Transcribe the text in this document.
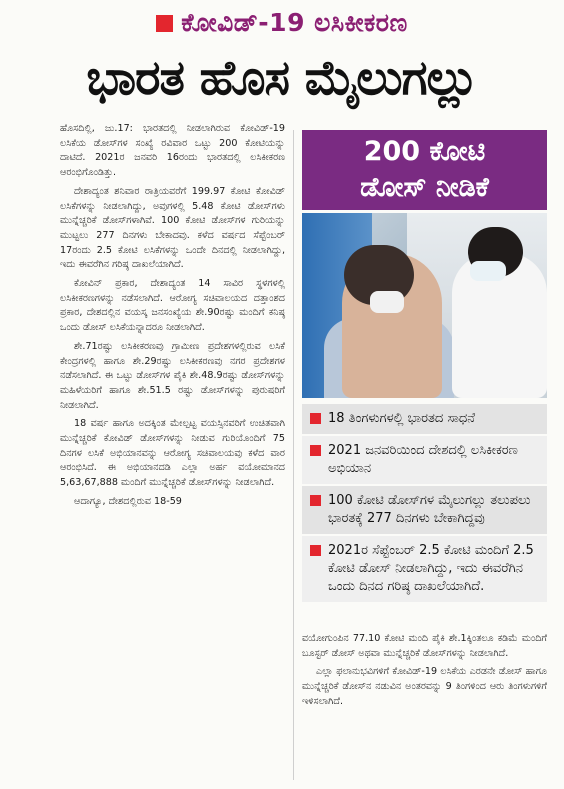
ಕೋವಿಡ್-19 ಲಸಿಕೀಕರಣ
ಭಾರತ ಹೊಸ ಮೈಲುಗಲ್ಲು

ಹೊಸದಿಲ್ಲಿ, ಜು.17: ಭಾರತದಲ್ಲಿ ನೀಡಲಾಗಿರುವ ಕೋವಿಡ್-19 ಲಸಿಕೆಯ ಡೋಸ್‌ಗಳ ಸಂಖ್ಯೆ ರವಿವಾರ ಒಟ್ಟು 200 ಕೋಟಿಯನ್ನು ದಾಟಿದೆ. 2021ರ ಜನವರಿ 16ರಂದು ಭಾರತದಲ್ಲಿ ಲಸಿಕೀಕರಣ ಆರಂಭಿಗೊಂಡಿತ್ತು.

ದೇಶಾದ್ಯಂತ ಶನಿವಾರ ರಾತ್ರಿಯವರೆಗೆ 199.97 ಕೋಟಿ ಕೋವಿಡ್ ಲಸಿಕೆಗಳನ್ನು ನೀಡಲಾಗಿದ್ದು, ಅವುಗಳಲ್ಲಿ 5.48 ಕೋಟಿ ಡೋಸ್‌ಗಳು ಮುನ್ನೆಚ್ಚರಿಕೆ ಡೋಸ್‌ಗಳಾಗಿವೆ. 100 ಕೋಟಿ ಡೋಸ್‌ಗಳ ಗುರಿಯನ್ನು ಮುಟ್ಟಲು 277 ದಿನಗಳು ಬೇಕಾದವು. ಕಳೆದ ವರ್ಷದ ಸೆಪ್ಟೆಂಬರ್ 17ರಂದು 2.5 ಕೋಟಿ ಲಸಿಕೆಗಳನ್ನು ಒಂದೇ ದಿನದಲ್ಲಿ ನೀಡಲಾಗಿದ್ದು, ಇದು ಈವರೆಗಿನ ಗರಿಷ್ಠ ದಾಖಲೆಯಾಗಿದೆ.

ಕೋವಿನ್ ಪ್ರಕಾರ, ದೇಶಾದ್ಯಂತ 14 ಸಾವಿರ ಸ್ಥಳಗಳಲ್ಲಿ ಲಸಿಕೀಕರಣಗಳನ್ನು ನಡೆಸಲಾಗಿದೆ. ಆರೋಗ್ಯ ಸಚಿವಾಲಯದ ದತ್ತಾಂಶದ ಪ್ರಕಾರ, ದೇಶದಲ್ಲಿನ ವಯಸ್ಕ ಜನಸಂಖ್ಯೆಯ ಶೇ.90ರಷ್ಟು ಮಂದಿಗೆ ಕನಿಷ್ಠ ಒಂದು ಡೋಸ್ ಲಸಿಕೆಯನ್ನಾದರೂ ನೀಡಲಾಗಿದೆ.

ಶೇ.71ರಷ್ಟು ಲಸಿಕೀಕರಣವು ಗ್ರಾಮೀಣ ಪ್ರದೇಶಗಳಲ್ಲಿರುವ ಲಸಿಕೆ ಕೇಂದ್ರಗಳಲ್ಲಿ ಹಾಗೂ ಶೇ.29ರಷ್ಟು ಲಸಿಕೀಕರಣವು ನಗರ ಪ್ರದೇಶಗಳ ನಡೆಸಲಾಗಿದೆ. ಈ ಒಟ್ಟು ಡೋಸ್‌ಗಳ ಪೈಕಿ ಶೇ.48.9ರಷ್ಟು ಡೋಸ್‌ಗಳನ್ನು ಮಹಿಳೆಯರಿಗೆ ಹಾಗೂ ಶೇ.51.5 ರಷ್ಟು ಡೋಸ್‌ಗಳನ್ನು ಪುರುಷರಿಗೆ ನೀಡಲಾಗಿದೆ.

18 ವರ್ಷ ಹಾಗೂ ಅದಕ್ಕಿಂತ ಮೇಲ್ಪಟ್ಟ ವಯಸ್ಸಿನವರಿಗೆ ಉಚಿತವಾಗಿ ಮುನ್ನೆಚ್ಚರಿಕೆ ಕೋವಿಡ್ ಡೋಸ್‌ಗಳನ್ನು ನೀಡುವ ಗುರಿಯೊಂದಿಗೆ 75 ದಿನಗಳ ಲಸಿಕೆ ಅಭಿಯಾನವನ್ನು ಆರೋಗ್ಯ ಸಚಿವಾಲಯವು ಕಳೆದ ವಾರ ಆರಂಭಿಸಿದೆ. ಈ ಅಭಿಯಾನದಡಿ ಎಲ್ಲಾ ಅರ್ಹ ವಯೋಮಾನದ 5,63,67,888 ಮಂದಿಗೆ ಮುನ್ನೆಚ್ಚರಿಕೆ ಡೋಸ್‌ಗಳನ್ನು ನೀಡಲಾಗಿದೆ.

ಆದಾಗ್ಯೂ, ದೇಶದಲ್ಲಿರುವ 18-59

200 ಕೋಟಿ
ಡೋಸ್ ನೀಡಿಕೆ
18 ತಿಂಗಳುಗಳಲ್ಲಿ ಭಾರತದ ಸಾಧನೆ
2021 ಜನವರಿಯಿಂದ ದೇಶದಲ್ಲಿ ಲಸಿಕೀಕರಣ ಅಭಿಯಾನ
100 ಕೋಟಿ ಡೋಸ್‌ಗಳ ಮೈಲುಗಲ್ಲು ತಲುಪಲು ಭಾರತಕ್ಕೆ 277 ದಿನಗಳು ಬೇಕಾಗಿದ್ದವು
2021ರ ಸೆಪ್ಟೆಂಬರ್ 2.5 ಕೋಟಿ ಮಂದಿಗೆ 2.5 ಕೋಟಿ ಡೋಸ್ ನೀಡಲಾಗಿದ್ದು, ಇದು ಈವರೆಗಿನ ಒಂದು ದಿನದ ಗರಿಷ್ಠ ದಾಖಲೆಯಾಗಿದೆ.

ವಯೋಗುಂಪಿನ 77.10 ಕೋಟಿ ಮಂದಿ ಪೈಕಿ ಶೇ.1ಕ್ಕಿಂತಲೂ ಕಡಿಮೆ ಮಂದಿಗೆ ಬೂಸ್ಟರ್ ಡೋಸ್ ಅಥವಾ ಮುನ್ನೆಚ್ಚರಿಕೆ ಡೋಸ್‌ಗಳನ್ನು ನೀಡಲಾಗಿದೆ.

ಎಲ್ಲಾ ಫಲಾನುಭವಿಗಳಿಗೆ ಕೋವಿಡ್-19 ಲಸಿಕೆಯ ಎರಡನೇ ಡೋಸ್ ಹಾಗೂ ಮುನ್ನೆಚ್ಚರಿಕೆ ಡೋಸ್‌ನ ನಡುವಿನ ಅಂತರವನ್ನು 9 ತಿಂಗಳಿಂದ ಆರು ತಿಂಗಳುಗಳಿಗೆ ಇಳಿಸಲಾಗಿದೆ.
